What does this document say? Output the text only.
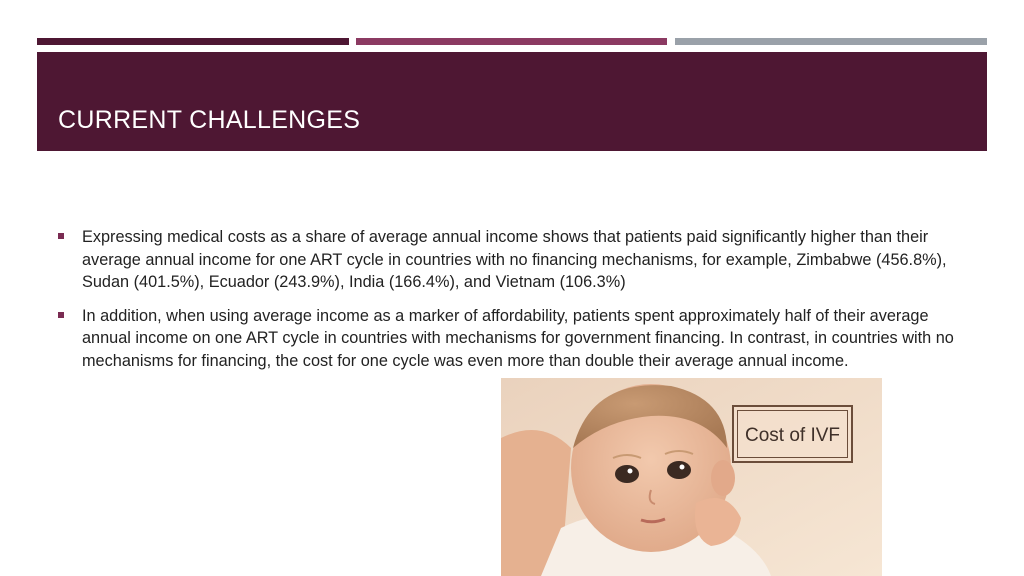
CURRENT CHALLENGES
Expressing medical costs as a share of average annual income shows that patients paid significantly higher than their average annual income for one ART cycle in countries with no financing mechanisms, for example, Zimbabwe (456.8%), Sudan (401.5%), Ecuador (243.9%), India (166.4%), and Vietnam (106.3%)
In addition, when using average income as a marker of affordability, patients spent approximately half of their average annual income on one ART cycle in countries with mechanisms for government financing. In contrast, in countries with no mechanisms for financing, the cost for one cycle was even more than double their average annual income.
Cost of IVF
